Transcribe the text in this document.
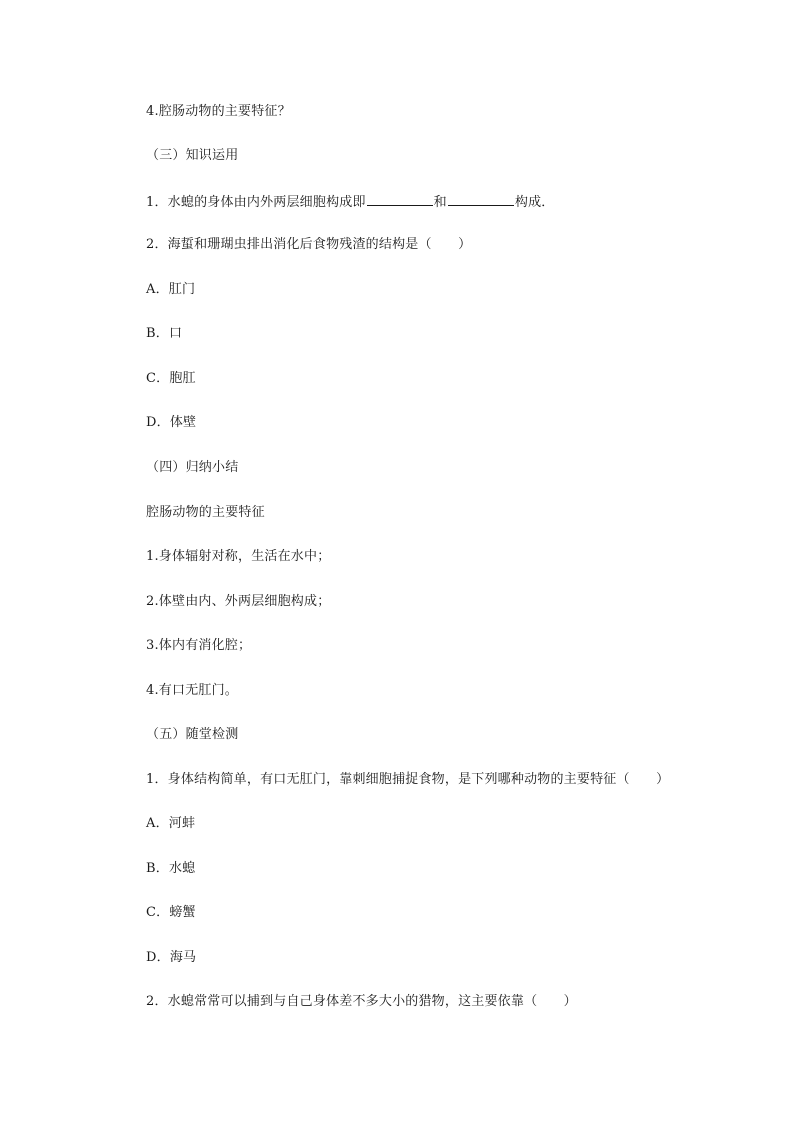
4.腔肠动物的主要特征？
（三）知识运用
1．水螅的身体由内外两层细胞构成即	和	构成．
2．海蜇和珊瑚虫排出消化后食物残渣的结构是（　　）
A．肛门
B．口
C．胞肛
D．体壁
（四）归纳小结
腔肠动物的主要特征
1.身体辐射对称，生活在水中；
2.体壁由内、外两层细胞构成；
3.体内有消化腔；
4.有口无肛门。
（五）随堂检测
1．身体结构简单，有口无肛门，靠刺细胞捕捉食物，是下列哪种动物的主要特征（　　）
A．河蚌
B．水螅
C．螃蟹
D．海马
2．水螅常常可以捕到与自己身体差不多大小的猎物，这主要依靠（　　）
